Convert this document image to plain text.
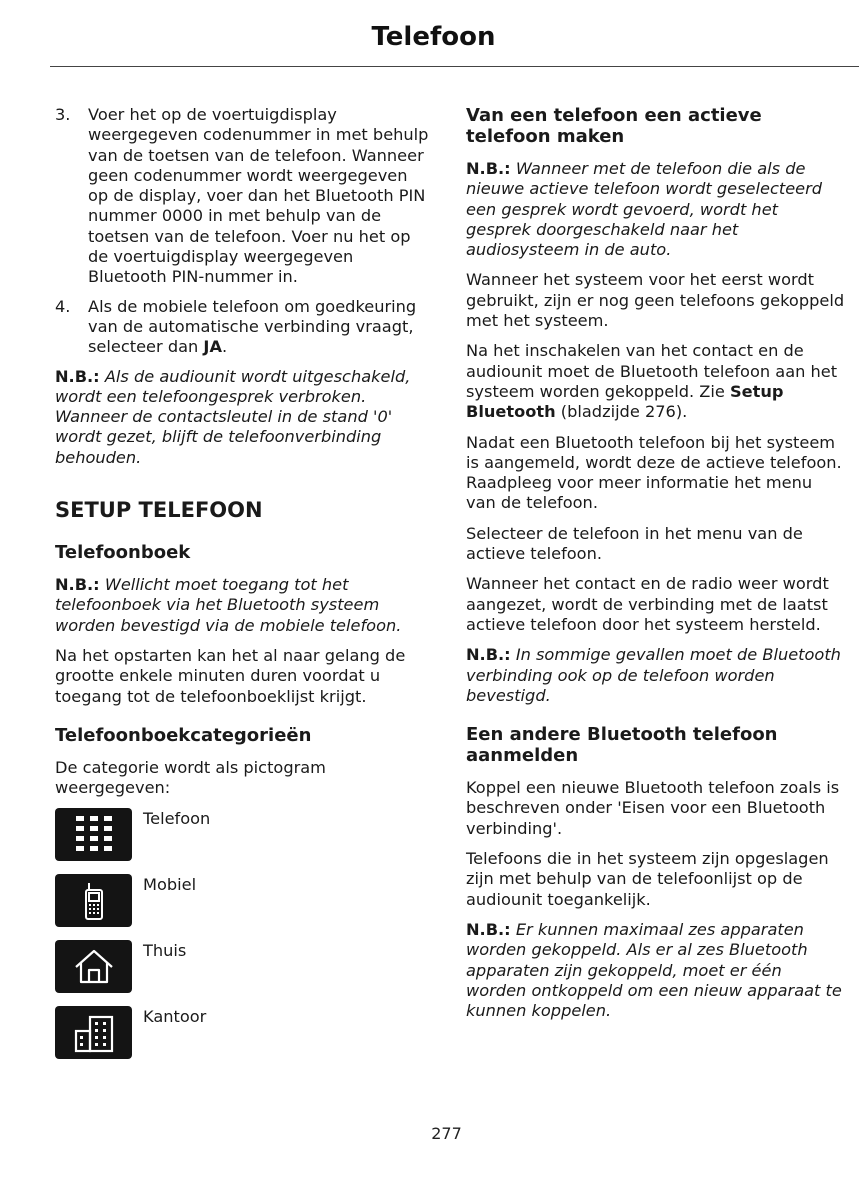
Telefoon
3.	Voer het op de voertuigdisplay weergegeven codenummer in met behulp van de toetsen van de telefoon. Wanneer geen codenummer wordt weergegeven op de display, voer dan het Bluetooth PIN nummer 0000 in met behulp van de toetsen van de telefoon. Voer nu het op de voertuigdisplay weergegeven Bluetooth PIN-nummer in.
4.	Als de mobiele telefoon om goedkeuring van de automatische verbinding vraagt, selecteer dan JA.

N.B.: Als de audiounit wordt uitgeschakeld, wordt een telefoongesprek verbroken. Wanneer de contactsleutel in de stand '0' wordt gezet, blijft de telefoonverbinding behouden.

SETUP TELEFOON
Telefoonboek

N.B.: Wellicht moet toegang tot het telefoonboek via het Bluetooth systeem worden bevestigd via de mobiele telefoon.

Na het opstarten kan het al naar gelang de grootte enkele minuten duren voordat u toegang tot de telefoonboeklijst krijgt.

Telefoonboekcategorieën

De categorie wordt als pictogram weergegeven:

Telefoon
Mobiel
Thuis
Kantoor
Van een telefoon een actieve telefoon maken

N.B.: Wanneer met de telefoon die als de nieuwe actieve telefoon wordt geselecteerd een gesprek wordt gevoerd, wordt het gesprek doorgeschakeld naar het audiosysteem in de auto.

Wanneer het systeem voor het eerst wordt gebruikt, zijn er nog geen telefoons gekoppeld met het systeem.

Na het inschakelen van het contact en de audiounit moet de Bluetooth telefoon aan het systeem worden gekoppeld. Zie Setup Bluetooth (bladzijde 276).

Nadat een Bluetooth telefoon bij het systeem is aangemeld, wordt deze de actieve telefoon. Raadpleeg voor meer informatie het menu van de telefoon.

Selecteer de telefoon in het menu van de actieve telefoon.

Wanneer het contact en de radio weer wordt aangezet, wordt de verbinding met de laatst actieve telefoon door het systeem hersteld.

N.B.: In sommige gevallen moet de Bluetooth verbinding ook op de telefoon worden bevestigd.

Een andere Bluetooth telefoon aanmelden

Koppel een nieuwe Bluetooth telefoon zoals is beschreven onder 'Eisen voor een Bluetooth verbinding'.

Telefoons die in het systeem zijn opgeslagen zijn met behulp van de telefoonlijst op de audiounit toegankelijk.

N.B.: Er kunnen maximaal zes apparaten worden gekoppeld. Als er al zes Bluetooth apparaten zijn gekoppeld, moet er één worden ontkoppeld om een nieuw apparaat te kunnen koppelen.

277
